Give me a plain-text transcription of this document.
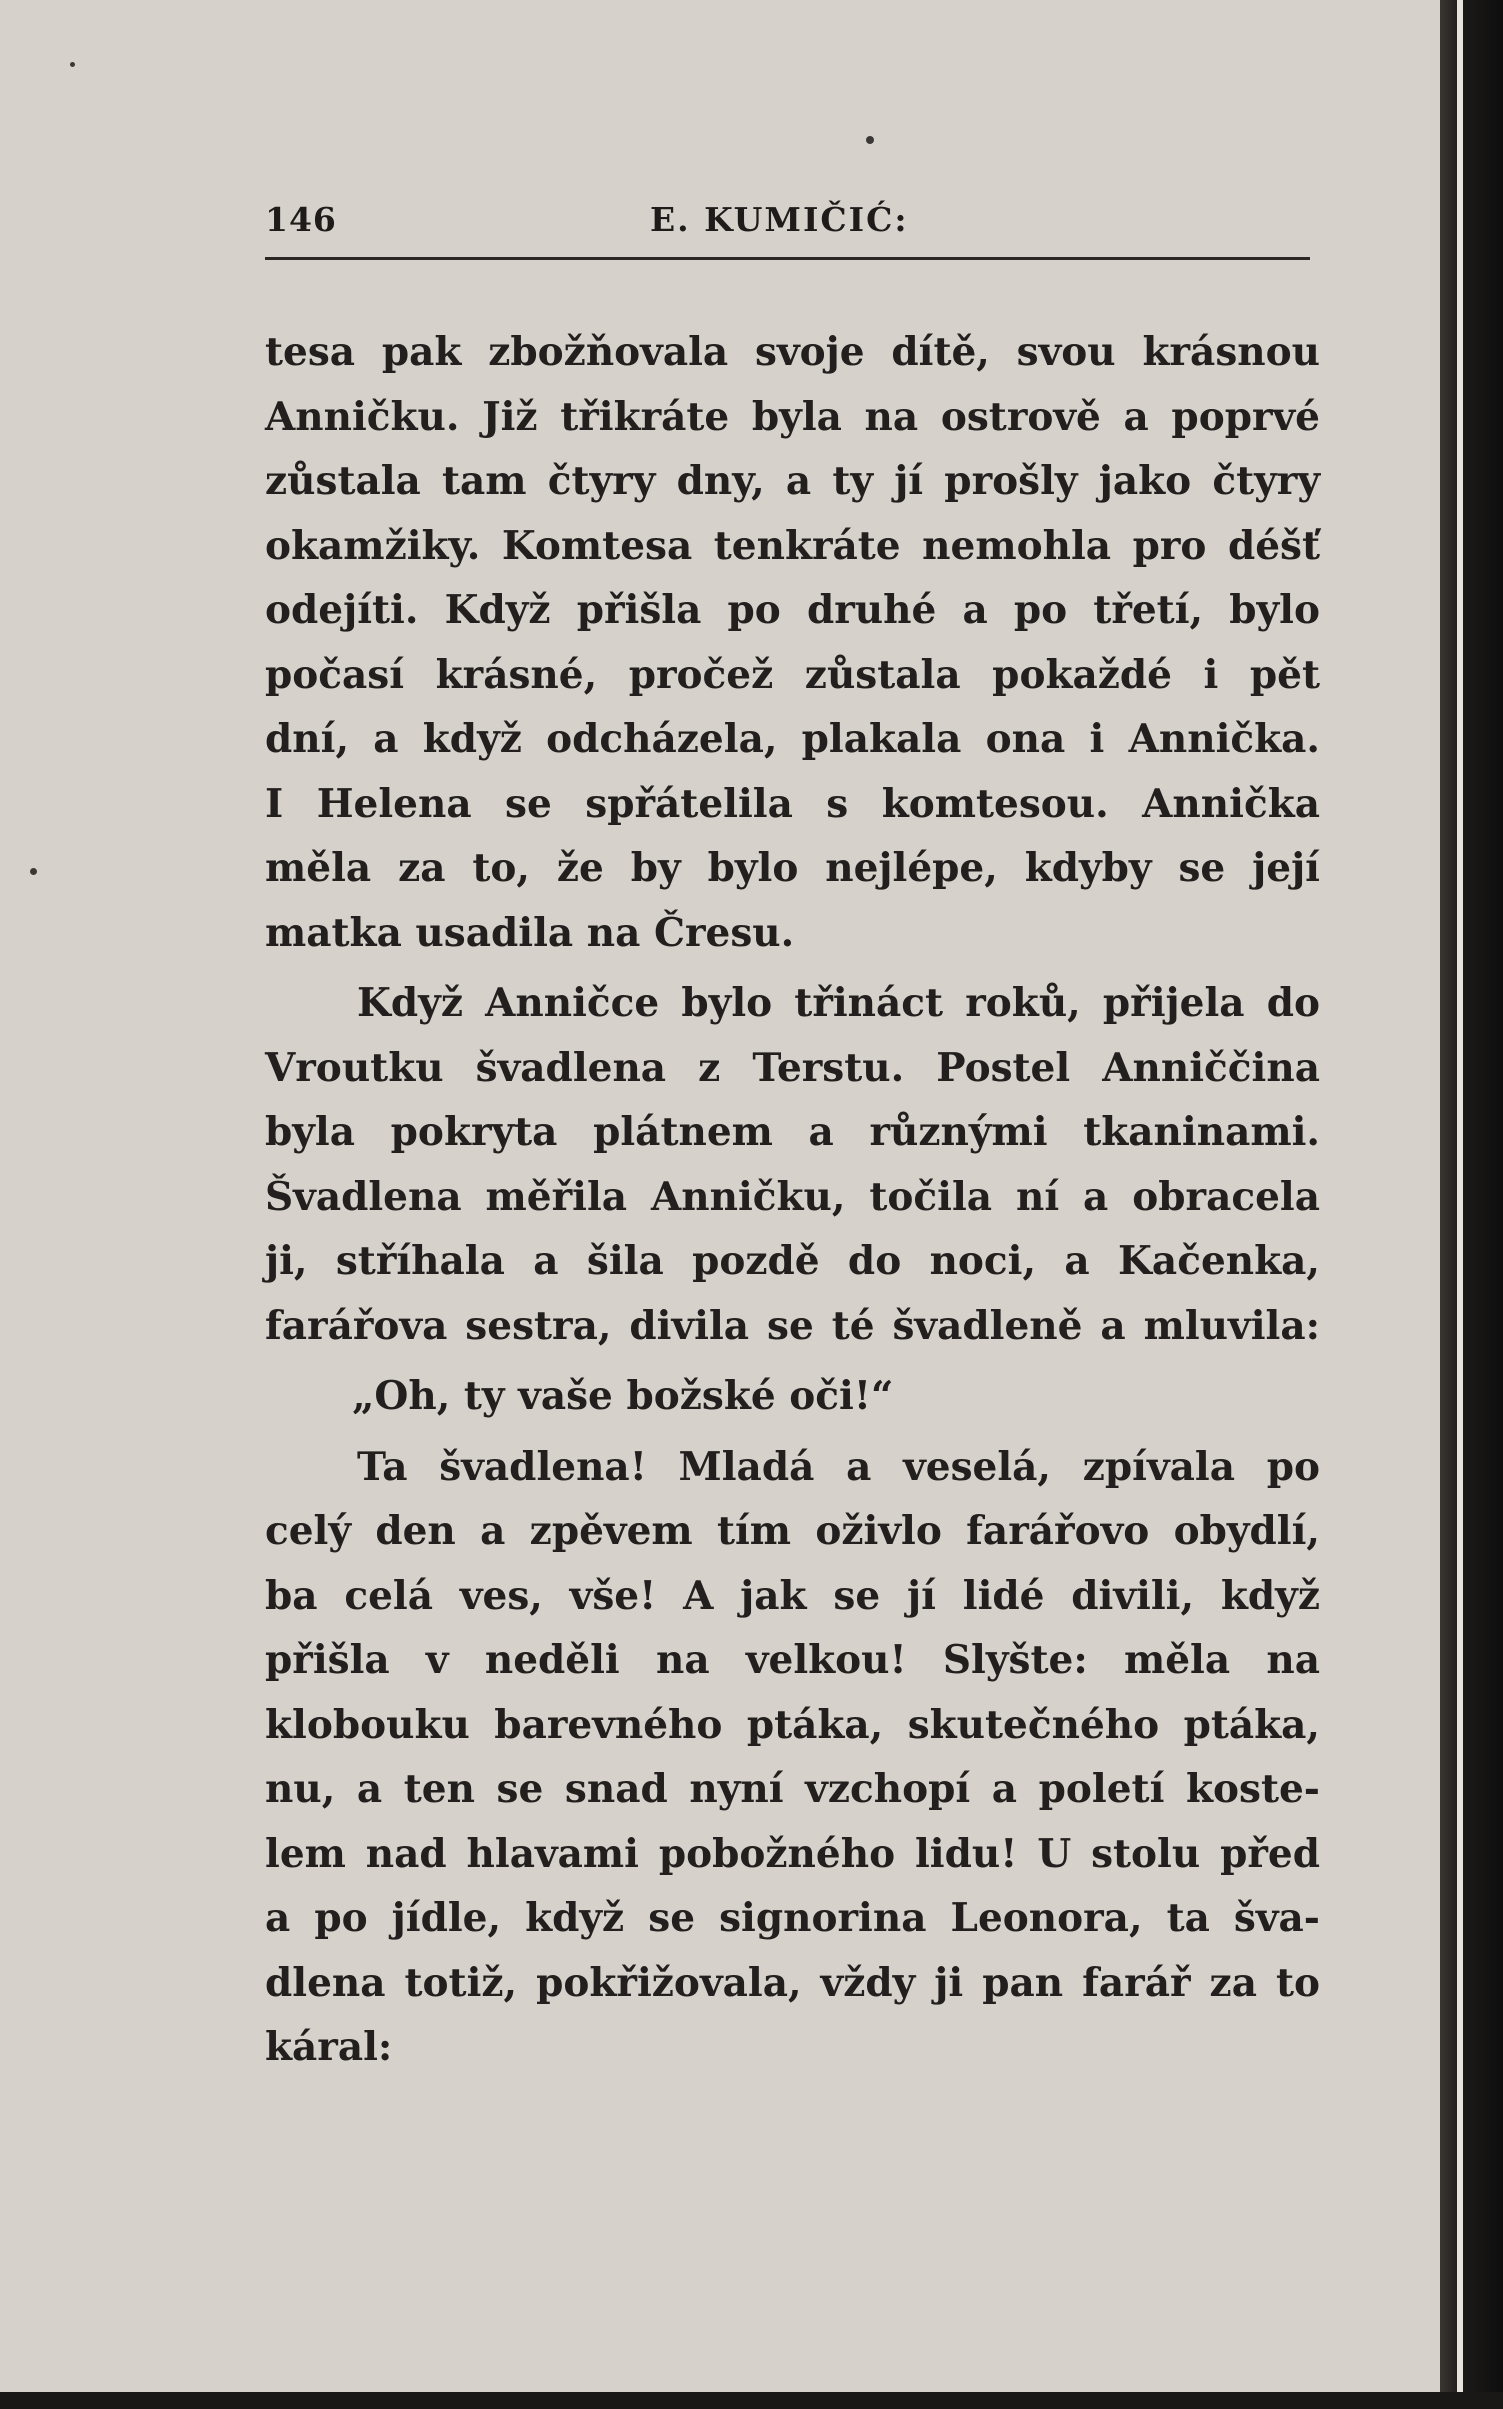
146	E. KUMIČIĆ:
tesa pak zbožňovala svoje dítě, svou krásnou
Anničku. Již třikráte byla na ostrově a poprvé
zůstala tam čtyry dny, a ty jí prošly jako čtyry
okamžiky. Komtesa tenkráte nemohla pro déšť
odejíti. Když přišla po druhé a po třetí, bylo
počasí krásné, pročež zůstala pokaždé i pět
dní, a když odcházela, plakala ona i Annička.
I Helena se spřátelila s komtesou. Annička
měla za to, že by bylo nejlépe, kdyby se její
matka usadila na Čresu.
Když Anničce bylo třináct roků, přijela do
Vroutku švadlena z Terstu. Postel Anniččina
byla pokryta plátnem a různými tkaninami.
Švadlena měřila Anničku, točila ní a obracela
ji, stříhala a šila pozdě do noci, a Kačenka,
farářova sestra, divila se té švadleně a mluvila:
„Oh, ty vaše božské oči!“
Ta švadlena! Mladá a veselá, zpívala po
celý den a zpěvem tím oživlo farářovo obydlí,
ba celá ves, vše! A jak se jí lidé divili, když
přišla v neděli na velkou! Slyšte: měla na
klobouku barevného ptáka, skutečného ptáka,
nu, a ten se snad nyní vzchopí a poletí koste-
lem nad hlavami pobožného lidu! U stolu před
a po jídle, když se signorina Leonora, ta šva-
dlena totiž, pokřižovala, vždy ji pan farář za to
káral:
